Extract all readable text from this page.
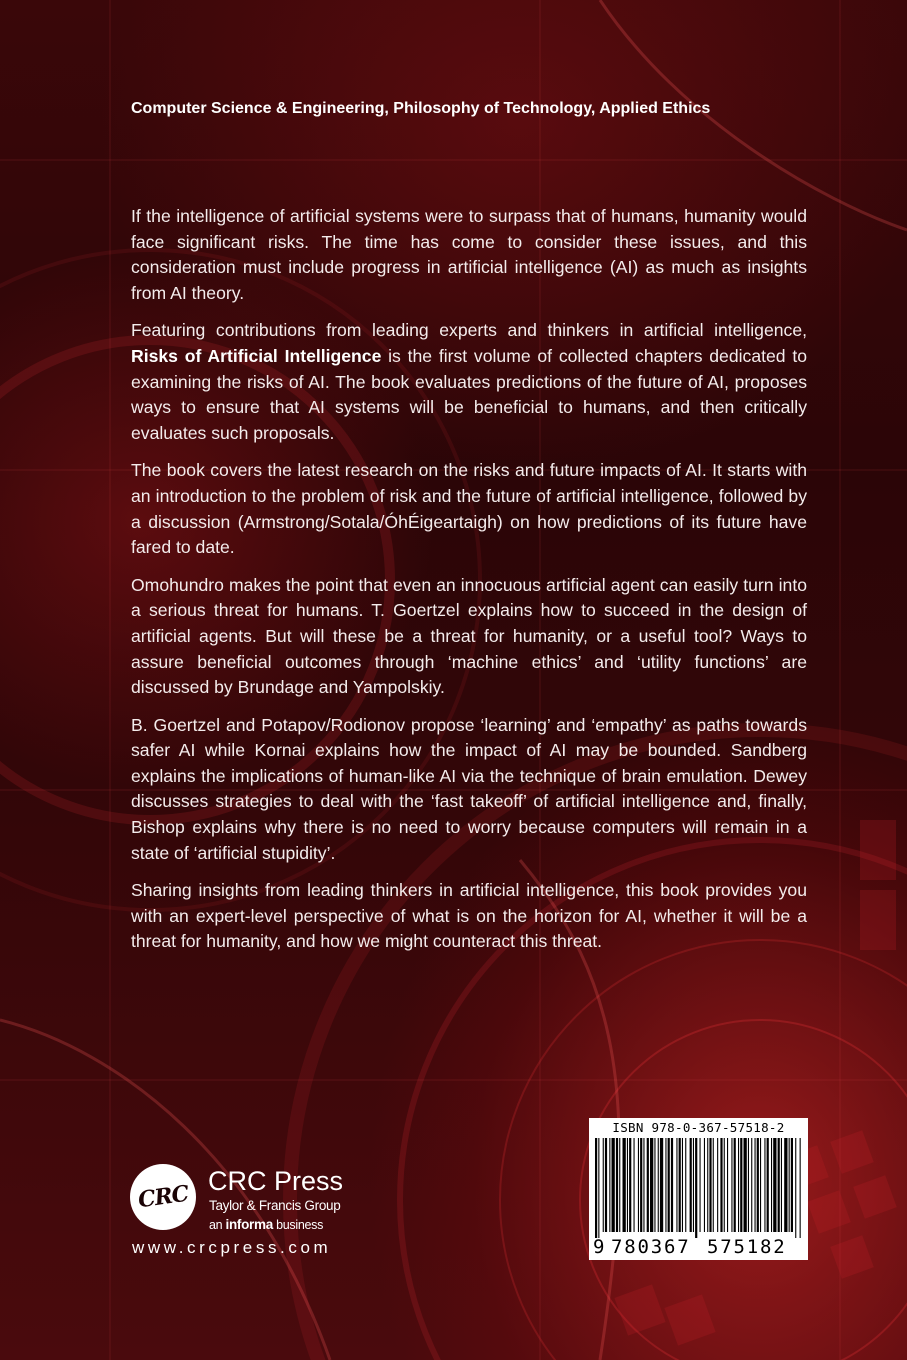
Computer Science & Engineering, Philosophy of Technology, Applied Ethics

If the intelligence of artificial systems were to surpass that of humans, humanity would face significant risks. The time has come to consider these issues, and this consideration must include progress in artificial intelligence (AI) as much as insights from AI theory.

Featuring contributions from leading experts and thinkers in artificial intelligence, Risks of Artificial Intelligence is the first volume of collected chapters dedicated to examining the risks of AI. The book evaluates predictions of the future of AI, proposes ways to ensure that AI systems will be beneficial to humans, and then critically evaluates such proposals.

The book covers the latest research on the risks and future impacts of AI. It starts with an introduction to the problem of risk and the future of artificial intelligence, followed by a discussion (Armstrong/Sotala/ÓhÉigeartaigh) on how predictions of its future have fared to date.

Omohundro makes the point that even an innocuous artificial agent can easily turn into a serious threat for humans. T. Goertzel explains how to succeed in the design of artificial agents. But will these be a threat for humanity, or a useful tool? Ways to assure beneficial outcomes through ‘machine ethics’ and ‘utility functions’ are discussed by Brundage and Yampolskiy.

B. Goertzel and Potapov/Rodionov propose ‘learning’ and ‘empathy’ as paths towards safer AI while Kornai explains how the impact of AI may be bounded. Sandberg explains the implications of human-like AI via the technique of brain emulation. Dewey discusses strategies to deal with the ‘fast takeoff’ of artificial intelligence and, finally, Bishop explains why there is no need to worry because computers will remain in a state of ‘artificial stupidity’.

Sharing insights from leading thinkers in artificial intelligence, this book provides you with an expert-level perspective of what is on the horizon for AI, whether it will be a threat for humanity, and how we might counteract this threat.

CRC CRC Press
Taylor & Francis Group
an informa business
www.crcpress.com
ISBN 978-0-367-57518-2
9 780367 575182
